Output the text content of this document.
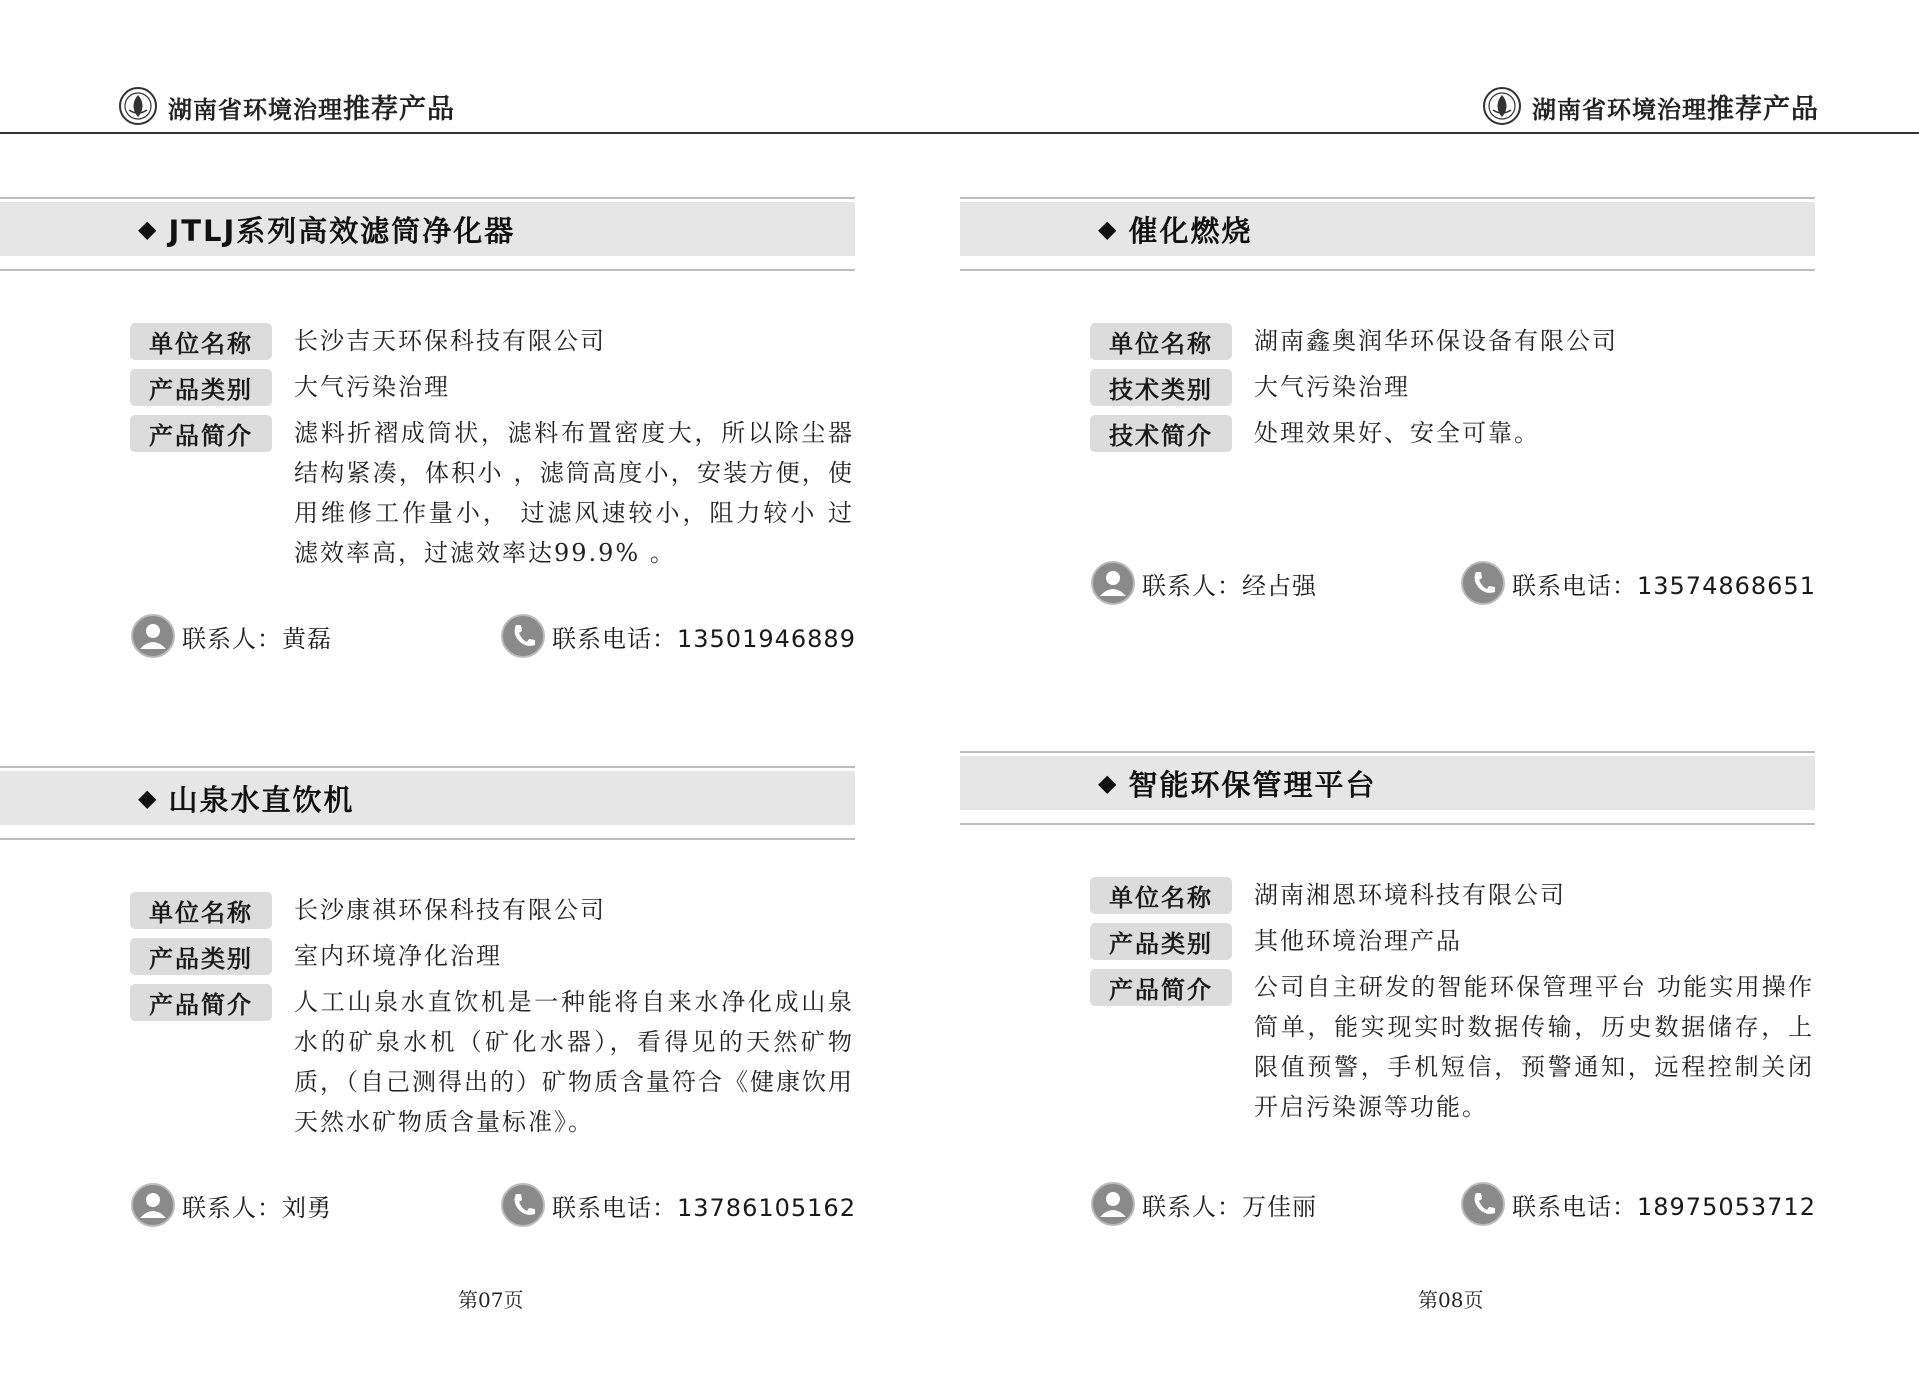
湖南省环境治理推荐产品	湖南省环境治理推荐产品
◆ JTLJ系列高效滤筒净化器
单位名称	长沙吉天环保科技有限公司
产品类别	大气污染治理
产品简介	滤料折褶成筒状，滤料布置密度大，所以除尘器结构紧凑，体积小 ，滤筒高度小，安装方便，使用维修工作量小， 过滤风速较小，阻力较小 过滤效率高，过滤效率达99.9% 。
联系人：黄磊	联系电话：13501946889
◆ 催化燃烧
单位名称	湖南鑫奥润华环保设备有限公司
技术类别	大气污染治理
技术简介	处理效果好、安全可靠。
联系人：经占强	联系电话：13574868651
◆ 山泉水直饮机
单位名称	长沙康祺环保科技有限公司
产品类别	室内环境净化治理
产品简介	人工山泉水直饮机是一种能将自来水净化成山泉水的矿泉水机（矿化水器），看得见的天然矿物质，（自己测得出的）矿物质含量符合《健康饮用天然水矿物质含量标准》。
联系人：刘勇	联系电话：13786105162
◆ 智能环保管理平台
单位名称	湖南湘恩环境科技有限公司
产品类别	其他环境治理产品
产品简介	公司自主研发的智能环保管理平台 功能实用操作简单，能实现实时数据传输，历史数据储存，上限值预警，手机短信，预警通知，远程控制关闭开启污染源等功能。
联系人：万佳丽	联系电话：18975053712
第07页	第08页
